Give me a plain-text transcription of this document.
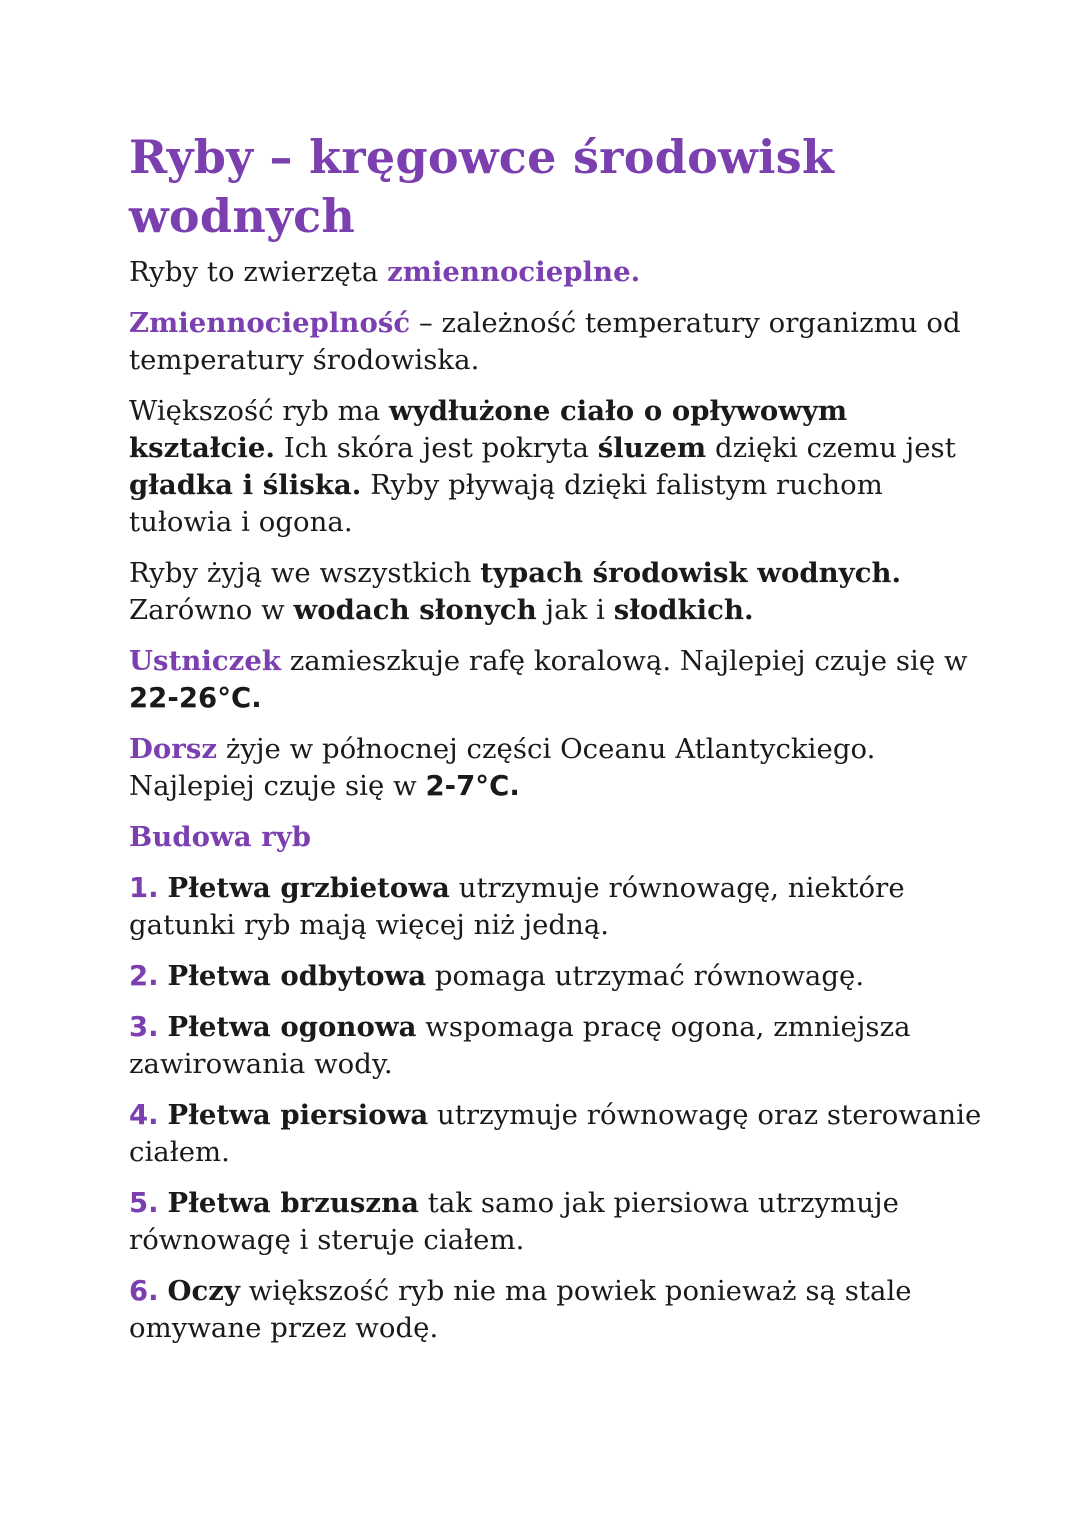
Ryby – kręgowce środowisk wodnych

Ryby to zwierzęta zmiennocieplne.

Zmiennocieplność – zależność temperatury organizmu od temperatury środowiska.

Większość ryb ma wydłużone ciało o opływowym kształcie. Ich skóra jest pokryta śluzem dzięki czemu jest gładka i śliska. Ryby pływają dzięki falistym ruchom tułowia i ogona.

Ryby żyją we wszystkich typach środowisk wodnych. Zarówno w wodach słonych jak i słodkich.

Ustniczek zamieszkuje rafę koralową. Najlepiej czuje się w 22-26°C.

Dorsz żyje w północnej części Oceanu Atlantyckiego. Najlepiej czuje się w 2-7°C.

Budowa ryb

1. Płetwa grzbietowa utrzymuje równowagę, niektóre gatunki ryb mają więcej niż jedną.

2. Płetwa odbytowa pomaga utrzymać równowagę.

3. Płetwa ogonowa wspomaga pracę ogona, zmniejsza zawirowania wody.

4. Płetwa piersiowa utrzymuje równowagę oraz sterowanie ciałem.

5. Płetwa brzuszna tak samo jak piersiowa utrzymuje równowagę i steruje ciałem.

6. Oczy większość ryb nie ma powiek ponieważ są stale omywane przez wodę.
